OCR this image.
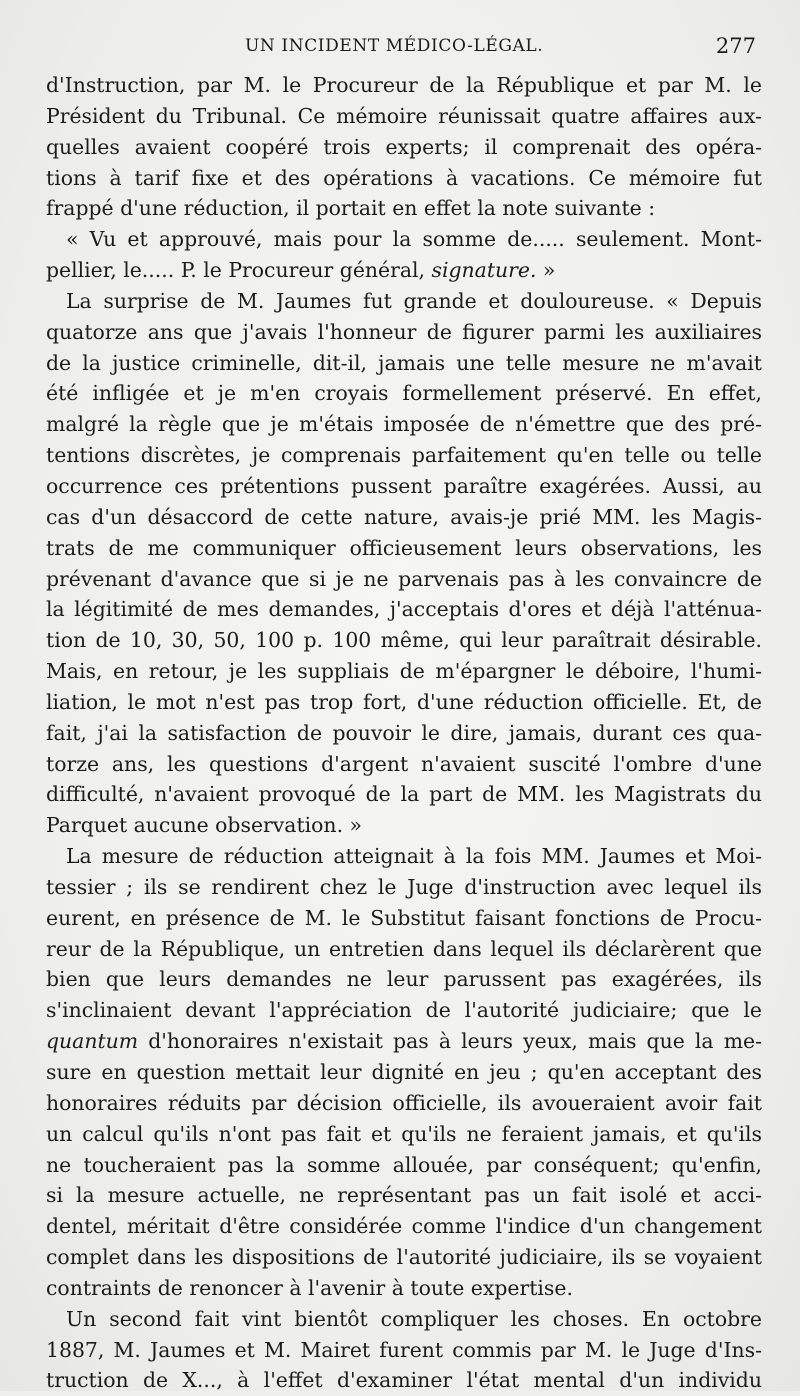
UN INCIDENT MÉDICO-LÉGAL.	277
d'Instruction, par M. le Procureur de la République et par M. le
Président du Tribunal. Ce mémoire réunissait quatre affaires aux-
quelles avaient coopéré trois experts; il comprenait des opéra-
tions à tarif fixe et des opérations à vacations. Ce mémoire fut
frappé d'une réduction, il portait en effet la note suivante :
« Vu et approuvé, mais pour la somme de..... seulement. Mont-
pellier, le..... P. le Procureur général, signature. »
La surprise de M. Jaumes fut grande et douloureuse. « Depuis
quatorze ans que j'avais l'honneur de figurer parmi les auxiliaires
de la justice criminelle, dit-il, jamais une telle mesure ne m'avait
été infligée et je m'en croyais formellement préservé. En effet,
malgré la règle que je m'étais imposée de n'émettre que des pré-
tentions discrètes, je comprenais parfaitement qu'en telle ou telle
occurrence ces prétentions pussent paraître exagérées. Aussi, au
cas d'un désaccord de cette nature, avais-je prié MM. les Magis-
trats de me communiquer officieusement leurs observations, les
prévenant d'avance que si je ne parvenais pas à les convaincre de
la légitimité de mes demandes, j'acceptais d'ores et déjà l'atténua-
tion de 10, 30, 50, 100 p. 100 même, qui leur paraîtrait désirable.
Mais, en retour, je les suppliais de m'épargner le déboire, l'humi-
liation, le mot n'est pas trop fort, d'une réduction officielle. Et, de
fait, j'ai la satisfaction de pouvoir le dire, jamais, durant ces qua-
torze ans, les questions d'argent n'avaient suscité l'ombre d'une
difficulté, n'avaient provoqué de la part de MM. les Magistrats du
Parquet aucune observation. »
La mesure de réduction atteignait à la fois MM. Jaumes et Moi-
tessier ; ils se rendirent chez le Juge d'instruction avec lequel ils
eurent, en présence de M. le Substitut faisant fonctions de Procu-
reur de la République, un entretien dans lequel ils déclarèrent que
bien que leurs demandes ne leur parussent pas exagérées, ils
s'inclinaient devant l'appréciation de l'autorité judiciaire; que le
quantum d'honoraires n'existait pas à leurs yeux, mais que la me-
sure en question mettait leur dignité en jeu ; qu'en acceptant des
honoraires réduits par décision officielle, ils avoueraient avoir fait
un calcul qu'ils n'ont pas fait et qu'ils ne feraient jamais, et qu'ils
ne toucheraient pas la somme allouée, par conséquent; qu'enfin,
si la mesure actuelle, ne représentant pas un fait isolé et acci-
dentel, méritait d'être considérée comme l'indice d'un changement
complet dans les dispositions de l'autorité judiciaire, ils se voyaient
contraints de renoncer à l'avenir à toute expertise.
Un second fait vint bientôt compliquer les choses. En octobre
1887, M. Jaumes et M. Mairet furent commis par M. le Juge d'Ins-
truction de X..., à l'effet d'examiner l'état mental d'un individu
